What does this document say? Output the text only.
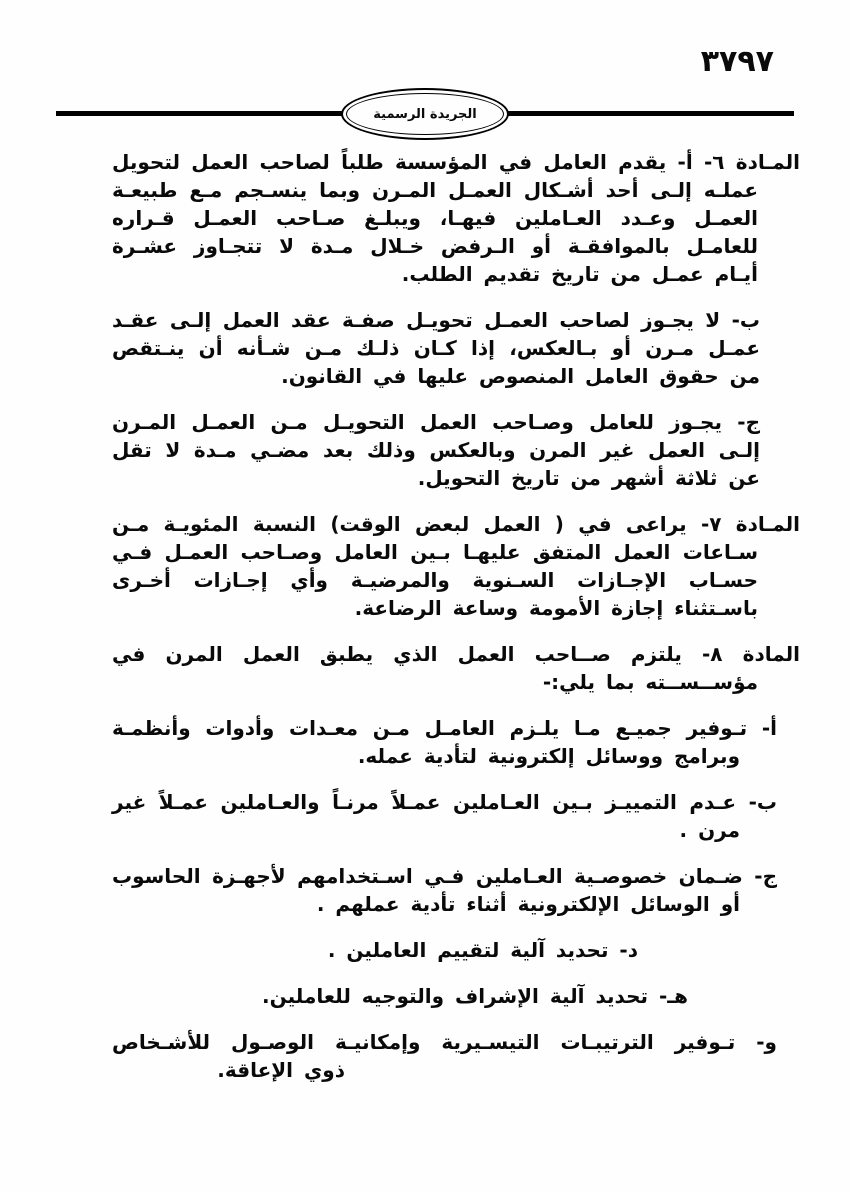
٣٧٩٧
الجريدة الرسمية

المـادة ٦- أ- يقدم العامل في المؤسسة طلباً لصاحب العمل لتحويل عملـه إلـى أحد أشـكال العمـل المـرن وبما ينسـجم مـع طبيعـة العمـل وعـدد العـاملين فيهـا، ويبلـغ صـاحب العمـل قـراره للعامـل بالموافقـة أو الـرفض خـلال مـدة لا تتجـاوز عشـرة أيـام عمـل من تاريخ تقديم الطلب.

ب- لا يجـوز لصاحب العمـل تحويـل صفـة عقد العمل إلـى عقـد عمـل مـرن أو بـالعكس، إذا كـان ذلـك مـن شـأنه أن ينـتقص من حقوق العامل المنصوص عليها في القانون.

ج- يجـوز للعامل وصـاحب العمل التحويـل مـن العمـل المـرن إلـى العمل غير المرن وبالعكس وذلك بعد مضـي مـدة لا تقل عن ثلاثة أشهر من تاريخ التحويل.

المـادة ٧- يراعى في ( العمل لبعض الوقت) النسبة المئويـة مـن سـاعات العمل المتفق عليهـا بـين العامل وصـاحب العمـل فـي حسـاب الإجـازات السـنوية والمرضيـة وأي إجـازات أخـرى باسـتثناء إجازة الأمومة وساعة الرضاعة.

المادة ٨- يلتزم صــاحب العمل الذي يطبق العمل المرن في مؤســســته بما يلي:-

أ- تـوفير جميـع مـا يلـزم العامـل مـن معـدات وأدوات وأنظمـة وبرامج ووسائل إلكترونية لتأدية عمله.

ب- عـدم التمييـز بـين العـاملين عمـلاً مرنـاً والعـاملين عمـلاً غير مرن .

ج- ضـمان خصوصـية العـاملين فـي اسـتخدامهم لأجهـزة الحاسوب أو الوسائل الإلكترونية أثناء تأدية عملهم .

د- تحديد آلية لتقييم العاملين .

هـ- تحديد آلية الإشراف والتوجيه للعاملين.

و- تـوفير الترتيبـات التيسـيرية وإمكانيـة الوصـول للأشـخاص
ذوي الإعاقة.
